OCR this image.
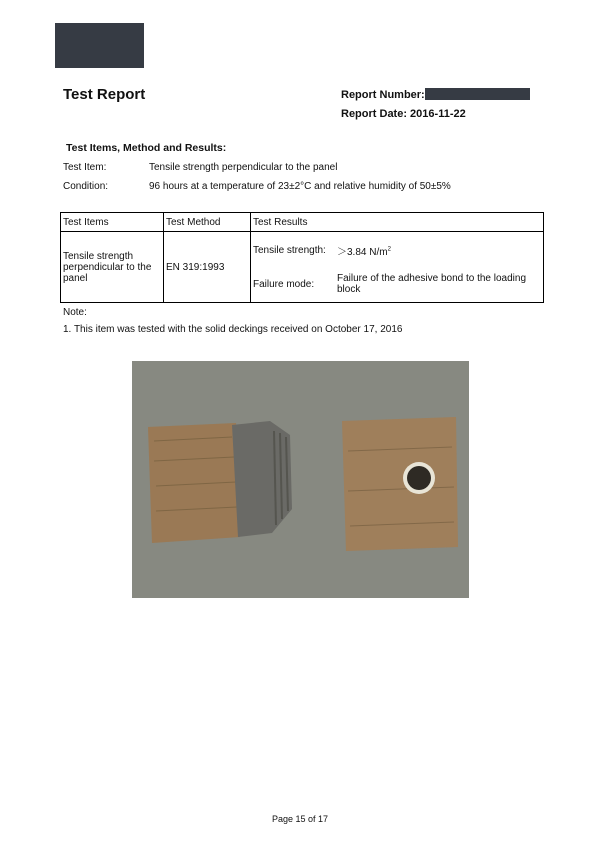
Test Report	Report Number:
Report Date: 2016-11-22
Test Items, Method and Results:
Test Item:	Tensile strength perpendicular to the panel
Condition:	96 hours at a temperature of 23±2°C and relative humidity of 50±5%
Test Items	Test Method	Test Results
Tensile strength perpendicular to the panel	EN 319:1993	Tensile strength: ＞3.84 $N/m^2$
Failure mode: Failure of the adhesive bond to the loading block
Note:
1. This item was tested with the solid deckings received on October 17, 2016
Page 15 of 17
